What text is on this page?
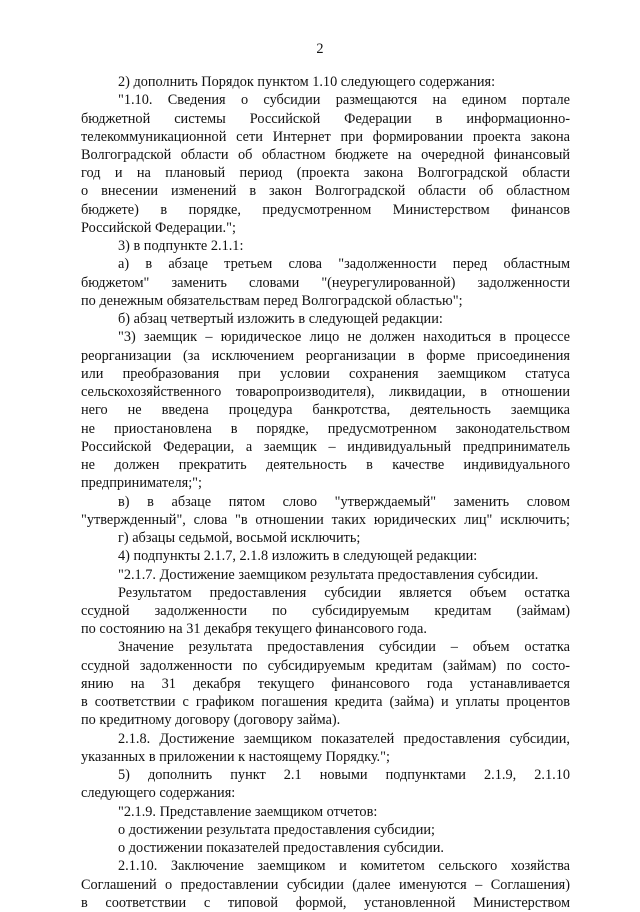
2
2) дополнить Порядок пунктом 1.10 следующего содержания:
"1.10. Сведения о субсидии размещаются на едином портале
бюджетной системы Российской Федерации в информационно-
телекоммуникационной сети Интернет при формировании проекта закона
Волгоградской области об областном бюджете на очередной финансовый
год и на плановый период (проекта закона Волгоградской области
о внесении изменений в закон Волгоградской области об областном
бюджете) в порядке, предусмотренном Министерством финансов
Российской Федерации.";
3) в подпункте 2.1.1:
а) в абзаце третьем слова "задолженности перед областным
бюджетом" заменить словами "(неурегулированной) задолженности
по денежным обязательствам перед Волгоградской областью";
б) абзац четвертый изложить в следующей редакции:
"3) заемщик – юридическое лицо не должен находиться в процессе
реорганизации (за исключением реорганизации в форме присоединения
или преобразования при условии сохранения заемщиком статуса
сельскохозяйственного товаропроизводителя), ликвидации, в отношении
него не введена процедура банкротства, деятельность заемщика
не приостановлена в порядке, предусмотренном законодательством
Российской Федерации, а заемщик – индивидуальный предприниматель
не должен прекратить деятельность в качестве индивидуального
предпринимателя;";
в) в абзаце пятом слово "утверждаемый" заменить словом
"утвержденный", слова "в отношении таких юридических лиц" исключить;
г) абзацы седьмой, восьмой исключить;
4) подпункты 2.1.7, 2.1.8 изложить в следующей редакции:
"2.1.7. Достижение заемщиком результата предоставления субсидии.
Результатом предоставления субсидии является объем остатка
ссудной задолженности по субсидируемым кредитам (займам)
по состоянию на 31 декабря текущего финансового года.
Значение результата предоставления субсидии – объем остатка
ссудной задолженности по субсидируемым кредитам (займам) по состо-
янию на 31 декабря текущего финансового года устанавливается
в соответствии с графиком погашения кредита (займа) и уплаты процентов
по кредитному договору (договору займа).
2.1.8. Достижение заемщиком показателей предоставления субсидии,
указанных в приложении к настоящему Порядку.";
5) дополнить пункт 2.1 новыми подпунктами 2.1.9, 2.1.10
следующего содержания:
"2.1.9. Представление заемщиком отчетов:
о достижении результата предоставления субсидии;
о достижении показателей предоставления субсидии.
2.1.10. Заключение заемщиком и комитетом сельского хозяйства
Соглашений о предоставлении субсидии (далее именуются – Соглашения)
в соответствии с типовой формой, установленной Министерством
